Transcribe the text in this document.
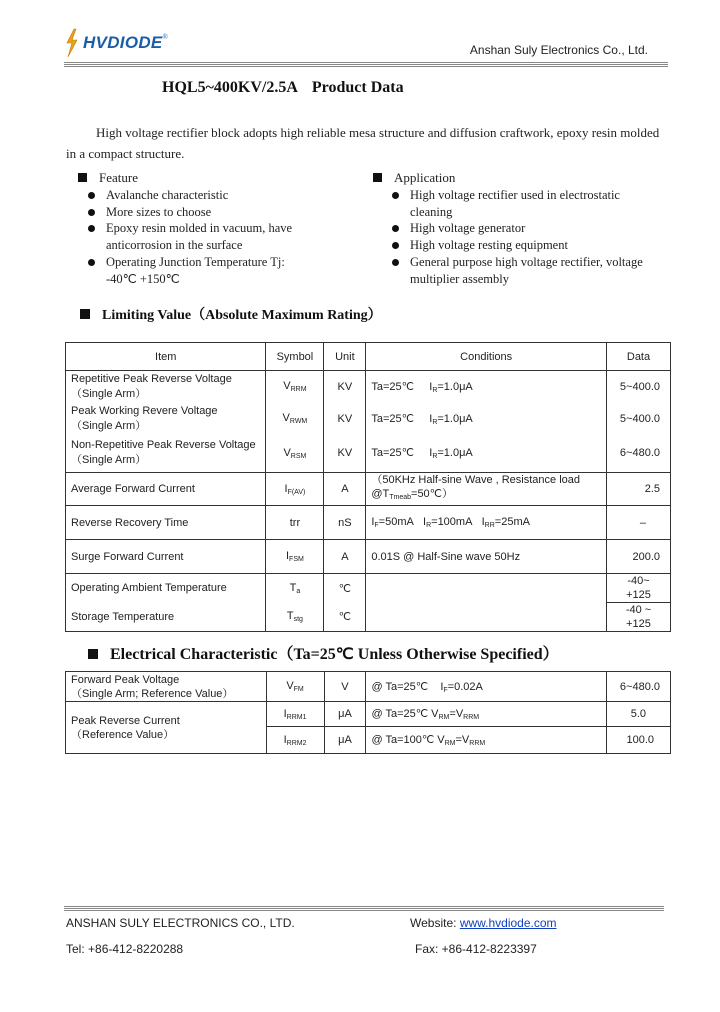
HVDIODE ®
Anshan Suly Electronics Co., Ltd.
HQL5~400KV/2.5A Product Data
High voltage rectifier block adopts high reliable mesa structure and diffusion craftwork, epoxy resin molded in a compact structure.
Feature
Avalanche characteristic
More sizes to choose
Epoxy resin molded in vacuum, have anticorrosion in the surface
Operating Junction Temperature Tj: -40℃ +150℃
Application
High voltage rectifier used in electrostatic cleaning
High voltage generator
High voltage resting equipment
General purpose high voltage rectifier, voltage multiplier assembly
Limiting Value（Absolute Maximum Rating）
Item	Symbol	Unit	Conditions	Data
Repetitive Peak Reverse Voltage
（Single Arm）	$V_{RRM}$	KV	Ta=25℃ $I_R=1.0\mu A$	5~400.0
Peak Working Revere Voltage
（Single Arm）	$V_{RWM}$	KV	Ta=25℃ $I_R=1.0\mu A$	5~400.0
Non-Repetitive Peak Reverse Voltage
（Single Arm）	$V_{RSM}$	KV	Ta=25℃ $I_R=1.0\mu A$	6~480.0
Average Forward Current	$I_{F(AV)}$	A	（50KHz Half-sine Wave , Resistance load
$@T_{Tmeab}=50℃$）	2.5
Reverse Recovery Time	trr	nS	$I_F=50mA$ $I_R=100mA$ $I_{RR}=25mA$	–
Surge Forward Current	$I_{FSM}$	A	0.01S @ Half-Sine wave 50Hz	200.0
Operating Ambient Temperature	$T_a$	℃		-40~
+125
Storage Temperature	$T_{stg}$	℃		-40 ~
+125
Electrical Characteristic（Ta=25℃ Unless Otherwise Specified）
Forward Peak Voltage
（Single Arm; Reference Value）	$V_{FM}$	V	@ Ta=25℃ $I_F=0.02A$	6~480.0
Peak Reverse Current
（Reference Value）	$I_{RRM1}$	μA	@ Ta=25℃ $V_{RM}=V_{RRM}$	5.0
	$I_{RRM2}$	μA	@ Ta=100℃ $V_{RM}=V_{RRM}$	100.0
ANSHAN SULY ELECTRONICS CO., LTD.	Website: www.hvdiode.com
Tel: +86-412-8220288	Fax: +86-412-8223397
